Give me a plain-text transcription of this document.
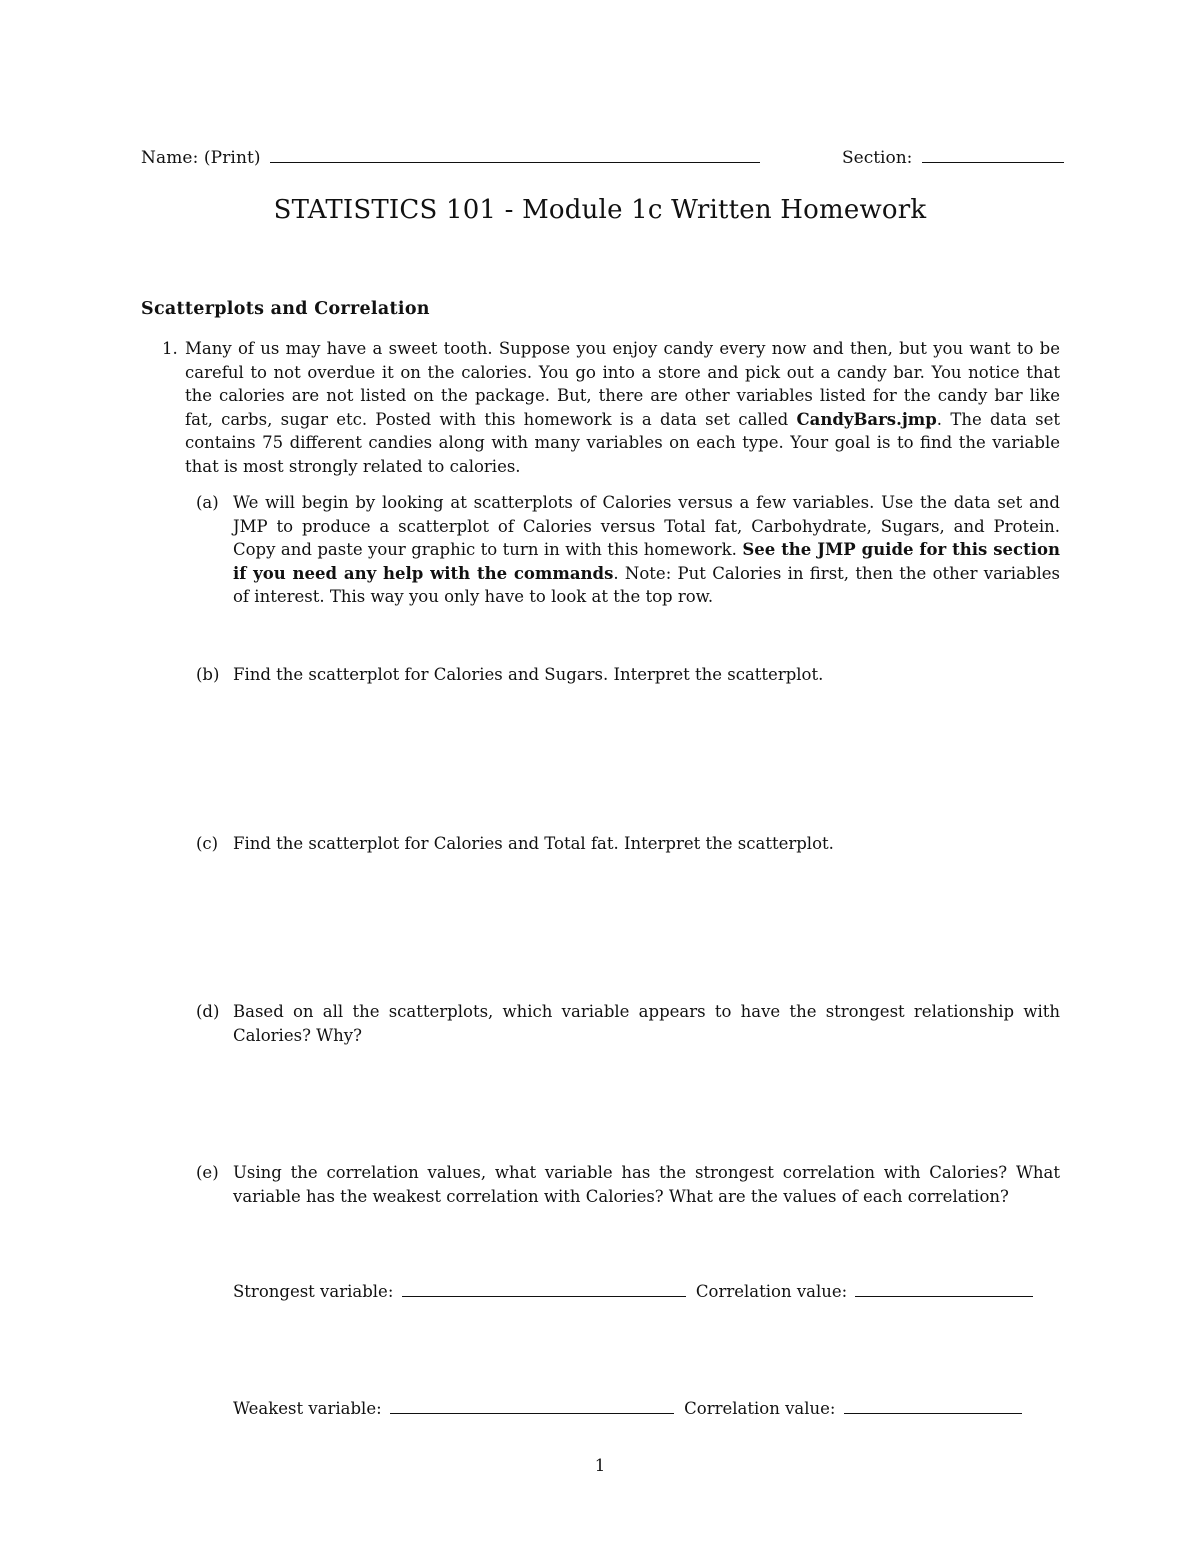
Name: (Print)	Section:
STATISTICS 101 - Module 1c Written Homework
Scatterplots and Correlation
1. Many of us may have a sweet tooth. Suppose you enjoy candy every now and then, but you want to be careful to not overdue it on the calories. You go into a store and pick out a candy bar. You notice that the calories are not listed on the package. But, there are other variables listed for the candy bar like fat, carbs, sugar etc. Posted with this homework is a data set called CandyBars.jmp. The data set contains 75 different candies along with many variables on each type. Your goal is to find the variable that is most strongly related to calories.
(a) We will begin by looking at scatterplots of Calories versus a few variables. Use the data set and JMP to produce a scatterplot of Calories versus Total fat, Carbohydrate, Sugars, and Protein. Copy and paste your graphic to turn in with this homework. See the JMP guide for this section if you need any help with the commands. Note: Put Calories in first, then the other variables of interest. This way you only have to look at the top row.
(b) Find the scatterplot for Calories and Sugars. Interpret the scatterplot.
(c) Find the scatterplot for Calories and Total fat. Interpret the scatterplot.
(d) Based on all the scatterplots, which variable appears to have the strongest relationship with Calories? Why?
(e) Using the correlation values, what variable has the strongest correlation with Calories? What variable has the weakest correlation with Calories? What are the values of each correlation?
Strongest variable:	Correlation value:
Weakest variable:	Correlation value:
1
